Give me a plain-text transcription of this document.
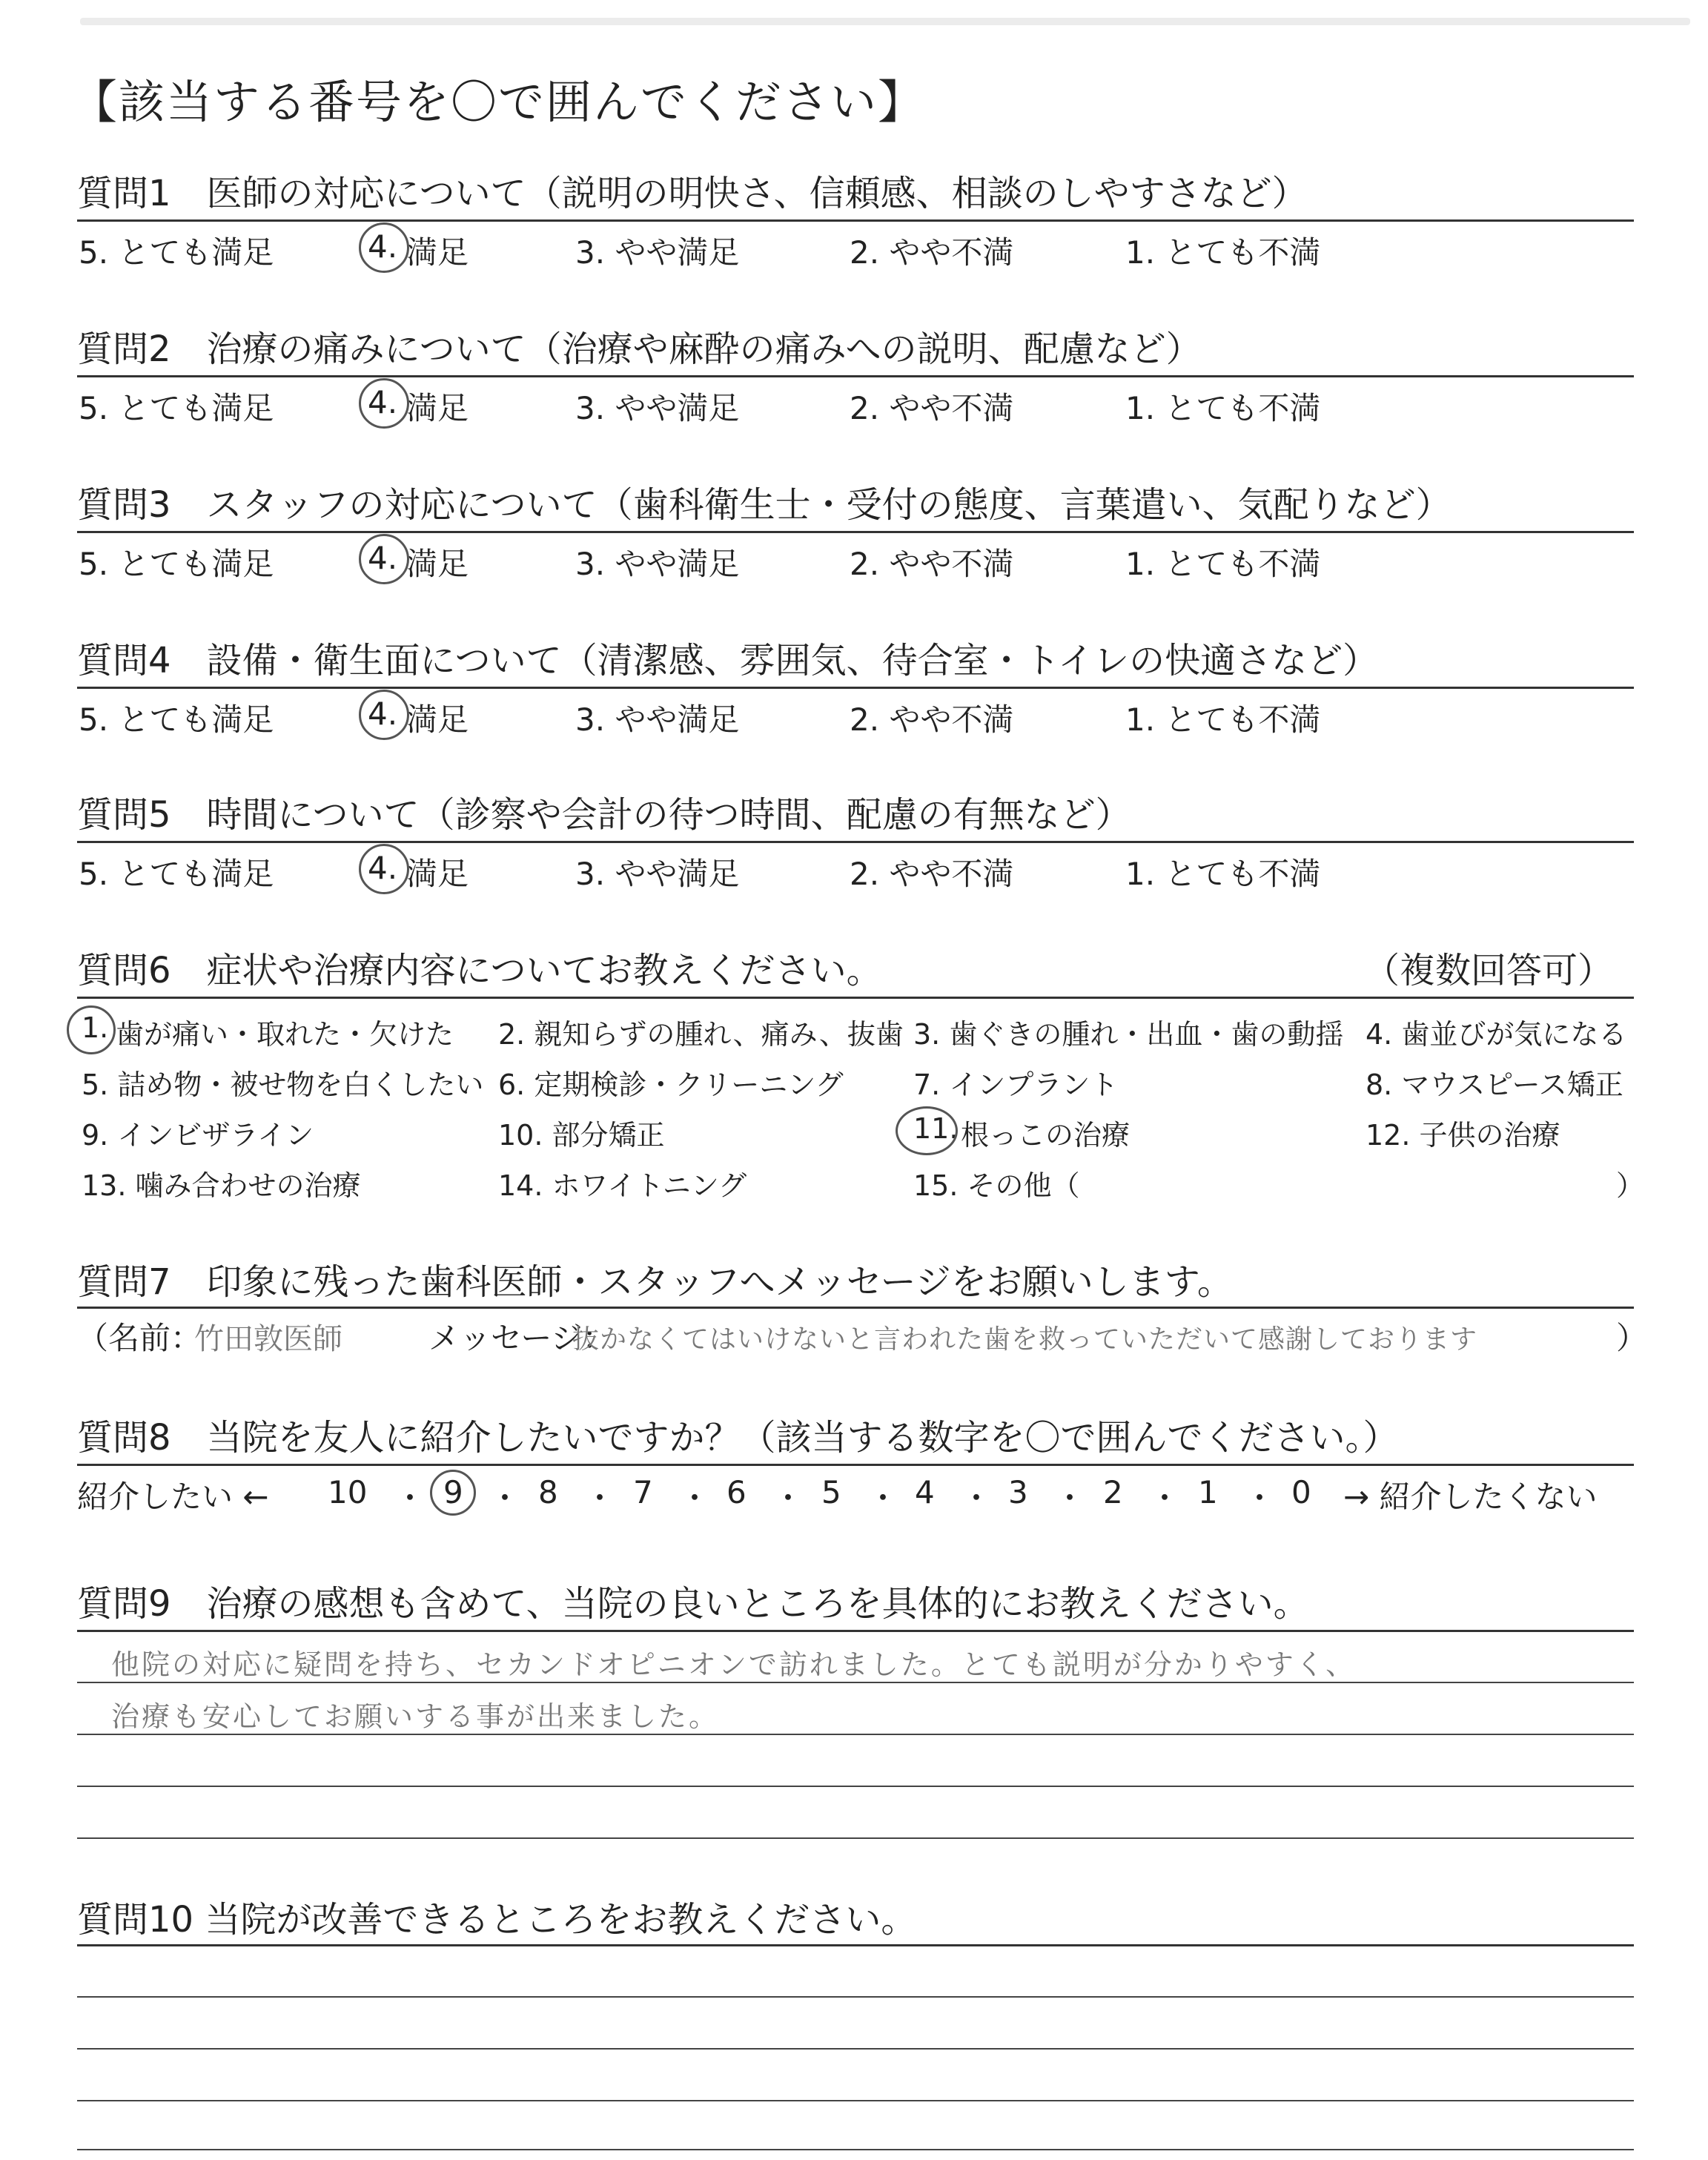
【該当する番号を〇で囲んでください】
質問1　医師の対応について（説明の明快さ、信頼感、相談のしやすさなど）
5. とても満足	4. 満足	3. やや満足	2. やや不満	1. とても不満
質問2　治療の痛みについて（治療や麻酔の痛みへの説明、配慮など）
5. とても満足	4. 満足	3. やや満足	2. やや不満	1. とても不満
質問3　スタッフの対応について（歯科衛生士・受付の態度、言葉遣い、気配りなど）
5. とても満足	4. 満足	3. やや満足	2. やや不満	1. とても不満
質問4　設備・衛生面について（清潔感、雰囲気、待合室・トイレの快適さなど）
5. とても満足	4. 満足	3. やや満足	2. やや不満	1. とても不満
質問5　時間について（診察や会計の待つ時間、配慮の有無など）
5. とても満足	4. 満足	3. やや満足	2. やや不満	1. とても不満
質問6　症状や治療内容についてお教えください。	（複数回答可）
1. 歯が痛い・取れた・欠けた 2. 親知らずの腫れ、痛み、抜歯 3. 歯ぐきの腫れ・出血・歯の動揺 4. 歯並びが気になる
5. 詰め物・被せ物を白くしたい 6. 定期検診・クリーニング 7. インプラント	8. マウスピース矯正
9. インビザライン	10. 部分矯正	11. 根っこの治療	12. 子供の治療
13. 噛み合わせの治療	14. ホワイトニング	15. その他（	）
質問7　印象に残った歯科医師・スタッフへメッセージをお願いします。
（名前：
竹田敦医師	メッセージ：
抜かなくてはいけないと言われた歯を救っていただいて感謝しております	）
質問8　当院を友人に紹介したいですか？（該当する数字を〇で囲んでください。）
紹介したい ← 10 ・ 9 ・ 8 ・ 7 ・ 6 ・ 5 ・ 4 ・ 3 ・ 2 ・ 1 ・ 0 → 紹介したくない
質問9　治療の感想も含めて、当院の良いところを具体的にお教えください。
他院の対応に疑問を持ち、セカンドオピニオンで訪れました。とても説明が分かりやすく、
治療も安心してお願いする事が出来ました。
質問10 当院が改善できるところをお教えください。
